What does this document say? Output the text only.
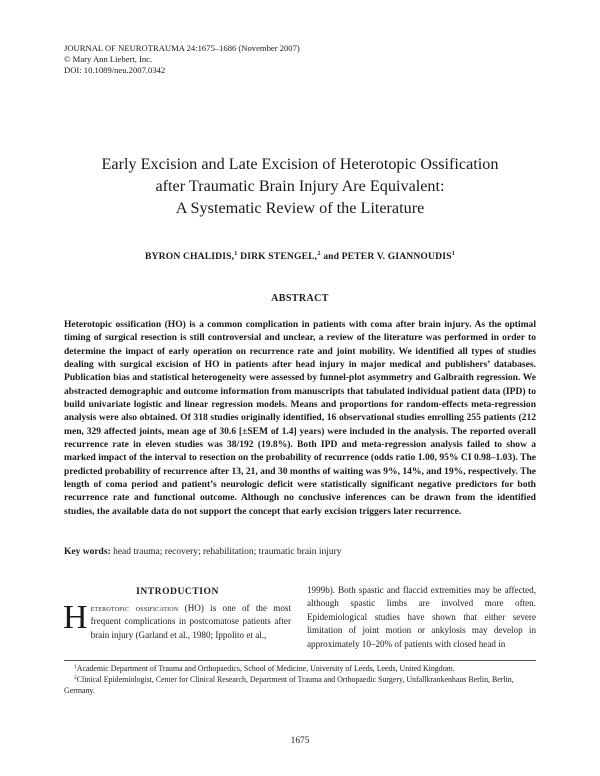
JOURNAL OF NEUROTRAUMA 24:1675–1686 (November 2007)
© Mary Ann Liebert, Inc.
DOI: 10.1089/neu.2007.0342
Early Excision and Late Excision of Heterotopic Ossification
after Traumatic Brain Injury Are Equivalent:
A Systematic Review of the Literature
BYRON CHALIDIS,$^1$ DIRK STENGEL,$^2$ and PETER V. GIANNOUDIS$^1$
ABSTRACT
Heterotopic ossification (HO) is a common complication in patients with coma after brain injury. As the optimal timing of surgical resection is still controversial and unclear, a review of the literature was performed in order to determine the impact of early operation on recurrence rate and joint mobility. We identified all types of studies dealing with surgical excision of HO in patients after head injury in major medical and publishers’ databases. Publication bias and statistical heterogeneity were assessed by funnel-plot asymmetry and Galbraith regression. We abstracted demographic and outcome information from manuscripts that tabulated individual patient data (IPD) to build univariate logistic and linear regression models. Means and proportions for random-effects meta-regression analysis were also obtained. Of 318 studies originally identified, 16 observational studies enrolling 255 patients (212 men, 329 affected joints, mean age of 30.6 [±SEM of 1.4] years) were included in the analysis. The reported overall recurrence rate in eleven studies was 38/192 (19.8%). Both IPD and meta-regression analysis failed to show a marked impact of the interval to resection on the probability of recurrence (odds ratio 1.00, 95% CI 0.98–1.03). The predicted probability of recurrence after 13, 21, and 30 months of waiting was 9%, 14%, and 19%, respectively. The length of coma period and patient’s neurologic deficit were statistically significant negative predictors for both recurrence rate and functional outcome. Although no conclusive inferences can be drawn from the identified studies, the available data do not support the concept that early excision triggers later recurrence.
Key words: head trauma; recovery; rehabilitation; traumatic brain injury
INTRODUCTION
Heterotopic ossification (HO) is one of the most frequent complications in postcomatose patients after brain injury (Garland et al., 1980; Ippolito et al.,
1999b). Both spastic and flaccid extremities may be affected, although spastic limbs are involved more often. Epidemiological studies have shown that either severe limitation of joint motion or ankylosis may develop in approximately 10–20% of patients with closed head in
$^1$Academic Department of Trauma and Orthopaedics, School of Medicine, University of Leeds, Leeds, United Kingdom.
$^2$Clinical Epidemiologist, Center for Clinical Research, Department of Trauma and Orthopaedic Surgery, Unfallkrankenhaus Berlin, Berlin, Germany.
1675
